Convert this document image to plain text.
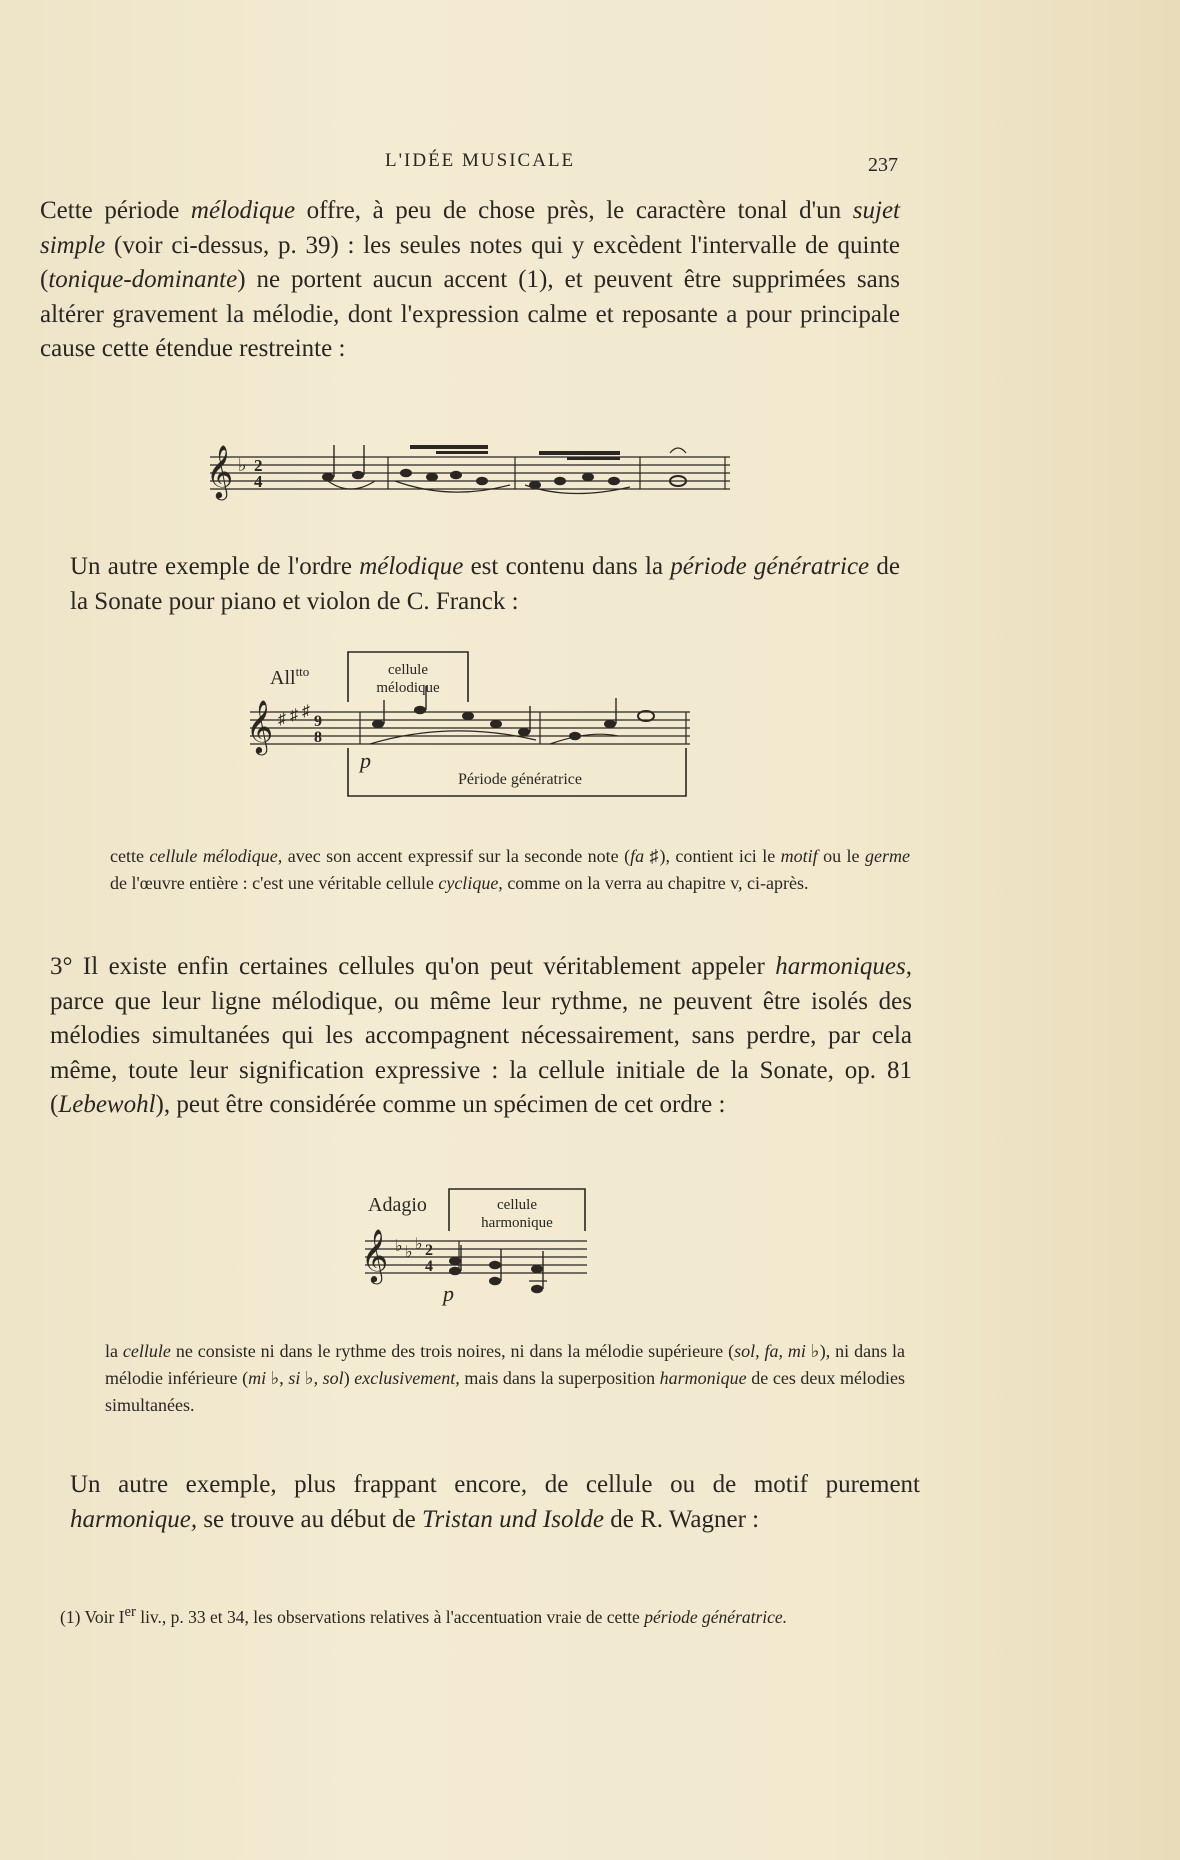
L'IDÉE MUSICALE	237

Cette période mélodique offre, à peu de chose près, le caractère tonal d'un sujet simple (voir ci-dessus, p. 39) : les seules notes qui y excèdent l'intervalle de quinte (tonique-dominante) ne portent aucun accent (1), et peuvent être supprimées sans altérer gravement la mélodie, dont l'expression calme et reposante a pour principale cause cette étendue restreinte :

𝄞 ♭ 2
4

Un autre exemple de l'ordre mélodique est contenu dans la période génératrice de la Sonate pour piano et violon de C. Franck :

All$^{tto}$	cellule
mélodique
𝄞 ♯ ♯ ♯
9
8
p
Période génératrice

cette cellule mélodique, avec son accent expressif sur la seconde note (fa ♯), contient ici le motif ou le germe de l'œuvre entière : c'est une véritable cellule cyclique, comme on la verra au chapitre v, ci-après.

3° Il existe enfin certaines cellules qu'on peut véritablement appeler harmoniques, parce que leur ligne mélodique, ou même leur rythme, ne peuvent être isolés des mélodies simultanées qui les accompagnent nécessairement, sans perdre, par cela même, toute leur signification expressive : la cellule initiale de la Sonate, op. 81 (Lebewohl), peut être considérée comme un spécimen de cet ordre :

Adagio	cellule
harmonique
𝄞 ♭ ♭ ♭ 2
4
p

la cellule ne consiste ni dans le rythme des trois noires, ni dans la mélodie supérieure (sol, fa, mi ♭), ni dans la mélodie inférieure (mi ♭, si ♭, sol) exclusivement, mais dans la superposition harmonique de ces deux mélodies simultanées.

Un autre exemple, plus frappant encore, de cellule ou de motif purement harmonique, se trouve au début de Tristan und Isolde de R. Wagner :

(1) Voir Ier liv., p. 33 et 34, les observations relatives à l'accentuation vraie de cette période génératrice.
